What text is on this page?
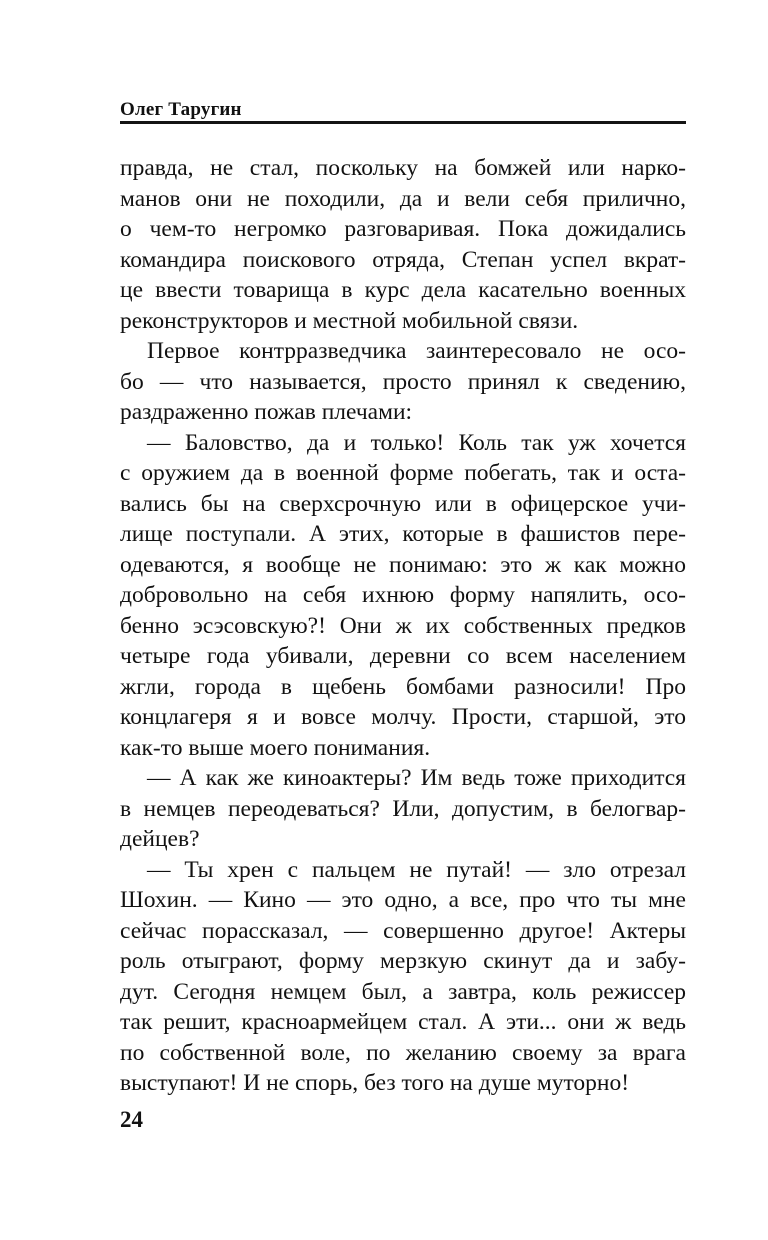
Олег Таругин
правда, не стал, поскольку на бомжей или нарко-
манов они не походили, да и вели себя прилично,
о чем-то негромко разговаривая. Пока дожидались
командира поискового отряда, Степан успел вкрат-
це ввести товарища в курс дела касательно военных
реконструкторов и местной мобильной связи.
Первое контрразведчика заинтересовало не осо-
бо — что называется, просто принял к сведению,
раздраженно пожав плечами:
— Баловство, да и только! Коль так уж хочется
с оружием да в военной форме побегать, так и оста-
вались бы на сверхсрочную или в офицерское учи-
лище поступали. А этих, которые в фашистов пере-
одеваются, я вообще не понимаю: это ж как можно
добровольно на себя ихнюю форму напялить, осо-
бенно эсэсовскую?! Они ж их собственных предков
четыре года убивали, деревни со всем населением
жгли, города в щебень бомбами разносили! Про
концлагеря я и вовсе молчу. Прости, старшой, это
как-то выше моего понимания.
— А как же киноактеры? Им ведь тоже приходится
в немцев переодеваться? Или, допустим, в белогвар-
дейцев?
— Ты хрен с пальцем не путай! — зло отрезал
Шохин. — Кино — это одно, а все, про что ты мне
сейчас порассказал, — совершенно другое! Актеры
роль отыграют, форму мерзкую скинут да и забу-
дут. Сегодня немцем был, а завтра, коль режиссер
так решит, красноармейцем стал. А эти... они ж ведь
по собственной воле, по желанию своему за врага
выступают! И не спорь, без того на душе муторно!
24
